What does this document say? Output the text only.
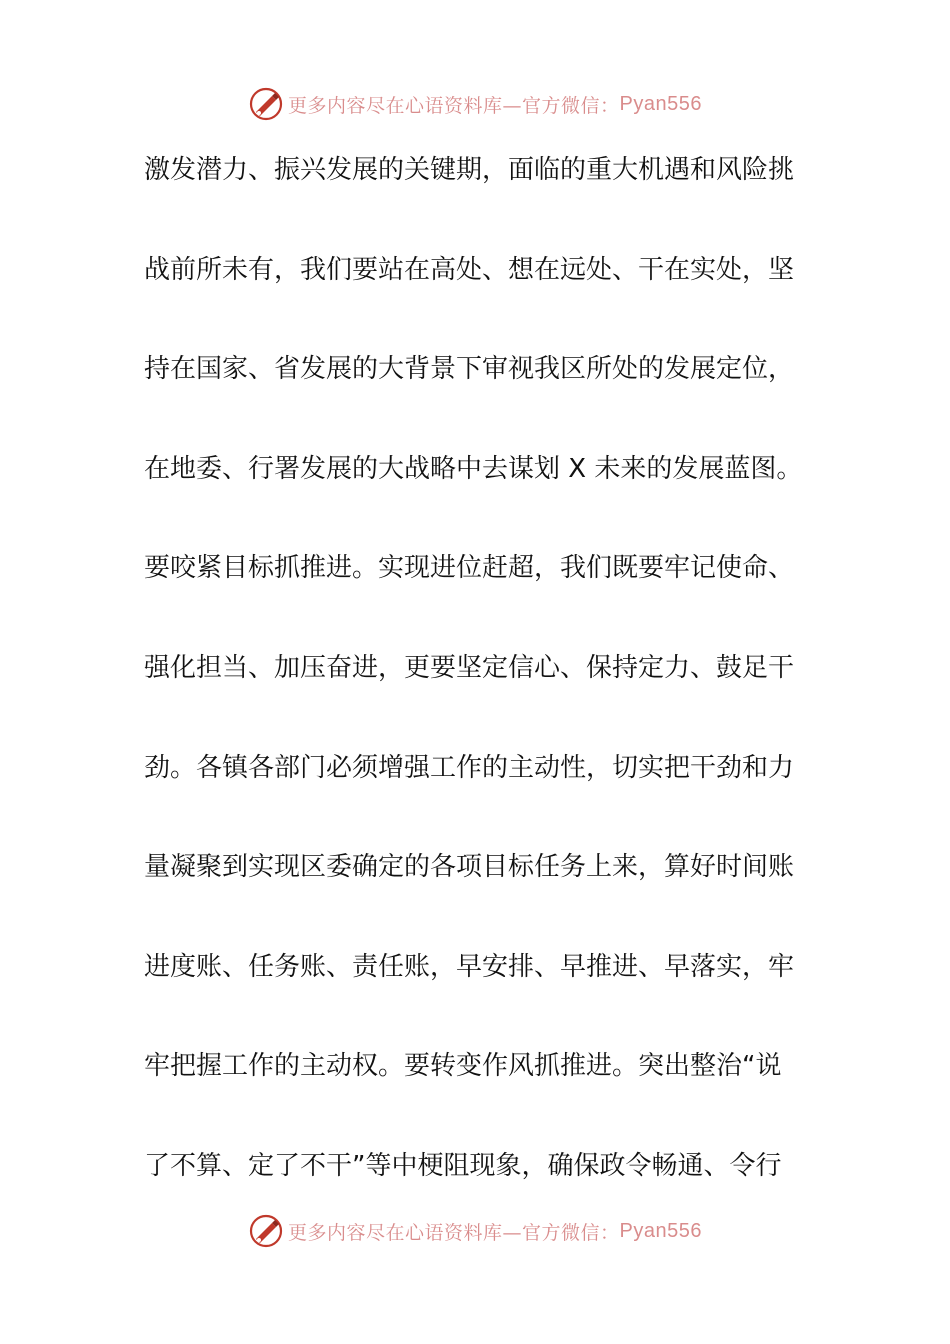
更多内容尽在心语资料库—官方微信： Pyan556
激发潜力、振兴发展的关键期，面临的重大机遇和风险挑
战前所未有，我们要站在高处、想在远处、干在实处，坚
持在国家、省发展的大背景下审视我区所处的发展定位，
在地委、行署发展的大战略中去谋划 X 未来的发展蓝图。
要咬紧目标抓推进。实现进位赶超，我们既要牢记使命、
强化担当、加压奋进，更要坚定信心、保持定力、鼓足干
劲。各镇各部门必须增强工作的主动性，切实把干劲和力
量凝聚到实现区委确定的各项目标任务上来，算好时间账
进度账、任务账、责任账，早安排、早推进、早落实，牢
牢把握工作的主动权。要转变作风抓推进。突出整治“说
了不算、定了不干”等中梗阻现象，确保政令畅通、令行
更多内容尽在心语资料库—官方微信： Pyan556
